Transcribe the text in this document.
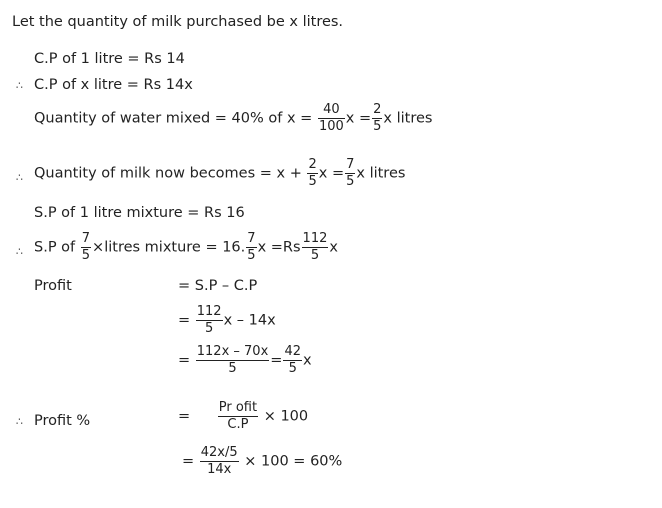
Let the quantity of milk purchased be x litres.
C.P of 1 litre = Rs 14
∴ C.P of x litre = Rs 14x
Quantity of water mixed = 40% of $x = \frac{40}{100}$ $x = \frac{2}{5}$ x litres
∴ Quantity of milk now becomes = $x + \frac{2}{5}$ $x = \frac{7}{5}$ x litres
S.P of 1 litre mixture = Rs 16
∴ S.P of $\frac{7}{5}$ ×litres mixture = 16. $\frac{7}{5}$ $x =Rs \frac{112}{5}$ x
Profit	= S.P – C.P
= $\frac{112}{5}$ x – 14x
= $\frac{112x - 70x}{5} = \frac{42}{5}$ x
∴ Profit %	= $\frac{\text{Pr ofit}}{C.P} \times 100$
= $\frac{42x/5}{14x} \times 100 = 60\%$
